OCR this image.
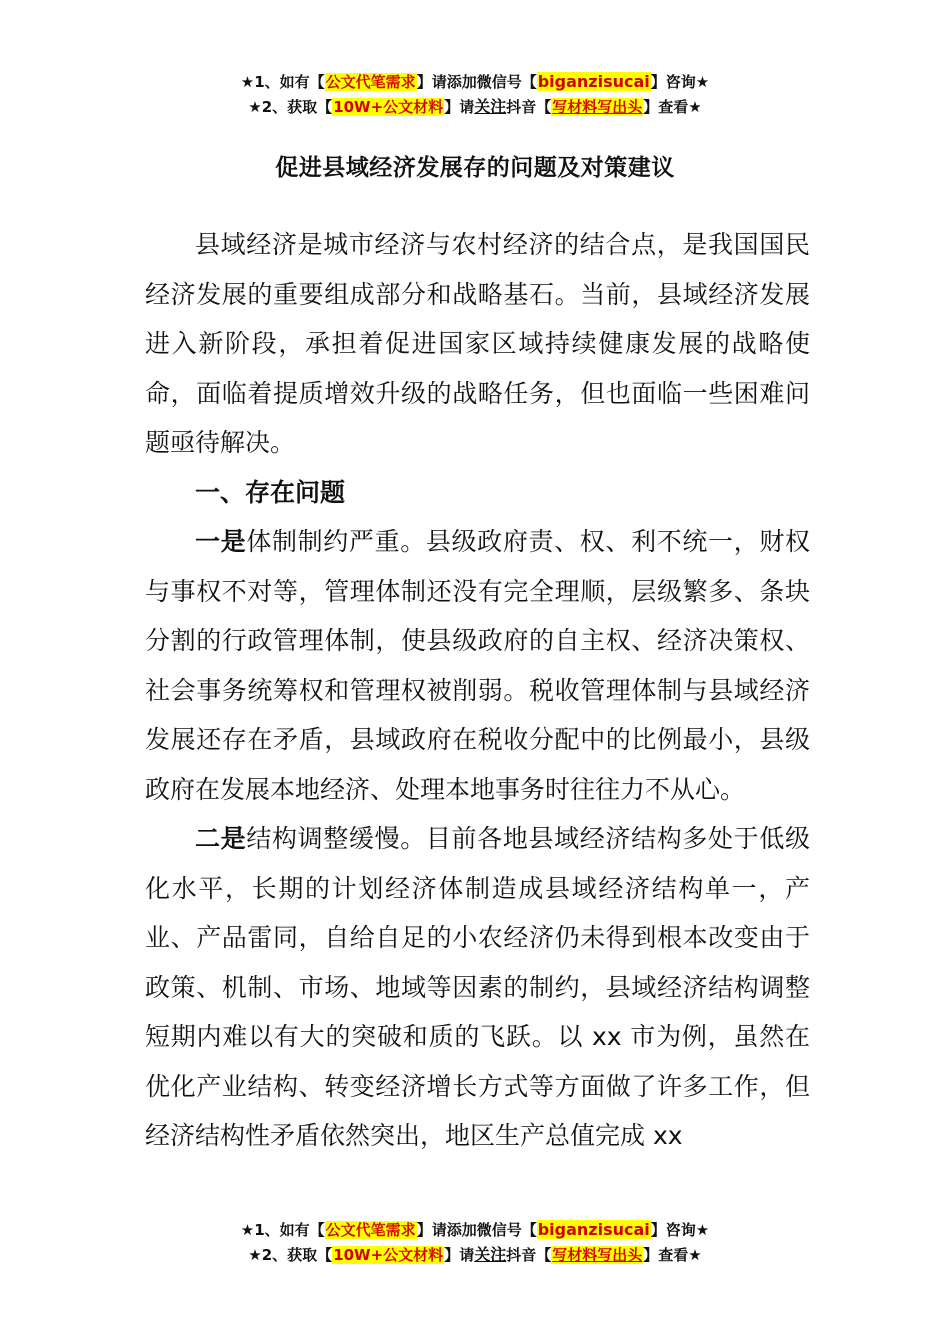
★1、如有【公文代笔需求】请添加微信号【biganzisucai】咨询★
★2、获取【10W+公文材料】请关注抖音【写材料写出头】查看★
促进县域经济发展存的问题及对策建议

县域经济是城市经济与农村经济的结合点，是我国国民经济发展的重要组成部分和战略基石。当前，县域经济发展进入新阶段，承担着促进国家区域持续健康发展的战略使命，面临着提质增效升级的战略任务，但也面临一些困难问题亟待解决。

一、存在问题

一是体制制约严重。县级政府责、权、利不统一，财权与事权不对等，管理体制还没有完全理顺，层级繁多、条块分割的行政管理体制，使县级政府的自主权、经济决策权、社会事务统筹权和管理权被削弱。税收管理体制与县域经济发展还存在矛盾，县域政府在税收分配中的比例最小，县级政府在发展本地经济、处理本地事务时往往力不从心。

二是结构调整缓慢。目前各地县域经济结构多处于低级化水平，长期的计划经济体制造成县域经济结构单一，产业、产品雷同，自给自足的小农经济仍未得到根本改变由于政策、机制、市场、地域等因素的制约，县域经济结构调整短期内难以有大的突破和质的飞跃。以 xx 市为例，虽然在优化产业结构、转变经济增长方式等方面做了许多工作，但经济结构性矛盾依然突出，地区生产总值完成 xx

★1、如有【公文代笔需求】请添加微信号【biganzisucai】咨询★
★2、获取【10W+公文材料】请关注抖音【写材料写出头】查看★
